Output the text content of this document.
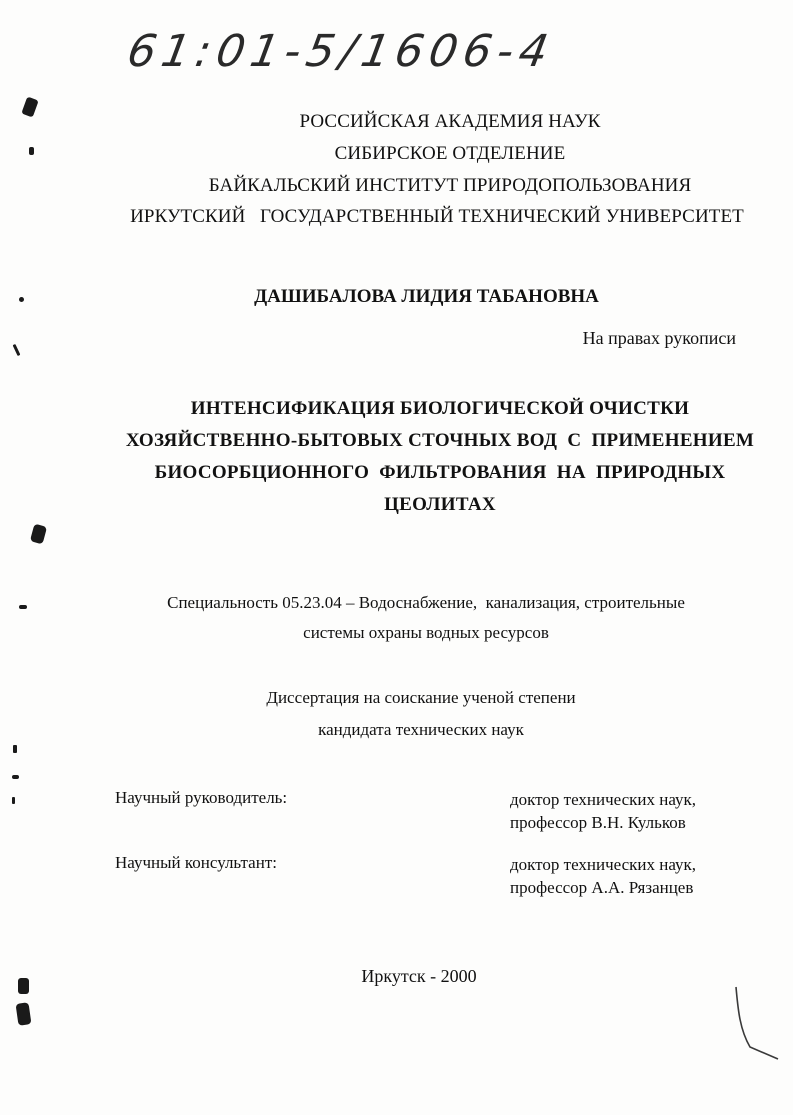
61:01-5/1606-4
РОССИЙСКАЯ АКАДЕМИЯ НАУК
СИБИРСКОЕ ОТДЕЛЕНИЕ
БАЙКАЛЬСКИЙ ИНСТИТУТ ПРИРОДОПОЛЬЗОВАНИЯ
ИРКУТСКИЙ   ГОСУДАРСТВЕННЫЙ ТЕХНИЧЕСКИЙ УНИВЕРСИТЕТ
ДАШИБАЛОВА ЛИДИЯ ТАБАНОВНА
На правах рукописи
ИНТЕНСИФИКАЦИЯ БИОЛОГИЧЕСКОЙ ОЧИСТКИ
ХОЗЯЙСТВЕННО-БЫТОВЫХ СТОЧНЫХ ВОД  С  ПРИМЕНЕНИЕМ
БИОСОРБЦИОННОГО  ФИЛЬТРОВАНИЯ  НА  ПРИРОДНЫХ
ЦЕОЛИТАХ
Специальность 05.23.04 – Водоснабжение,  канализация, строительные
системы охраны водных ресурсов
Диссертация на соискание ученой степени
кандидата технических наук
Научный руководитель:	доктор технических наук,
профессор В.Н. Кульков
Научный консультант:	доктор технических наук,
профессор А.А. Рязанцев
Иркутск - 2000
